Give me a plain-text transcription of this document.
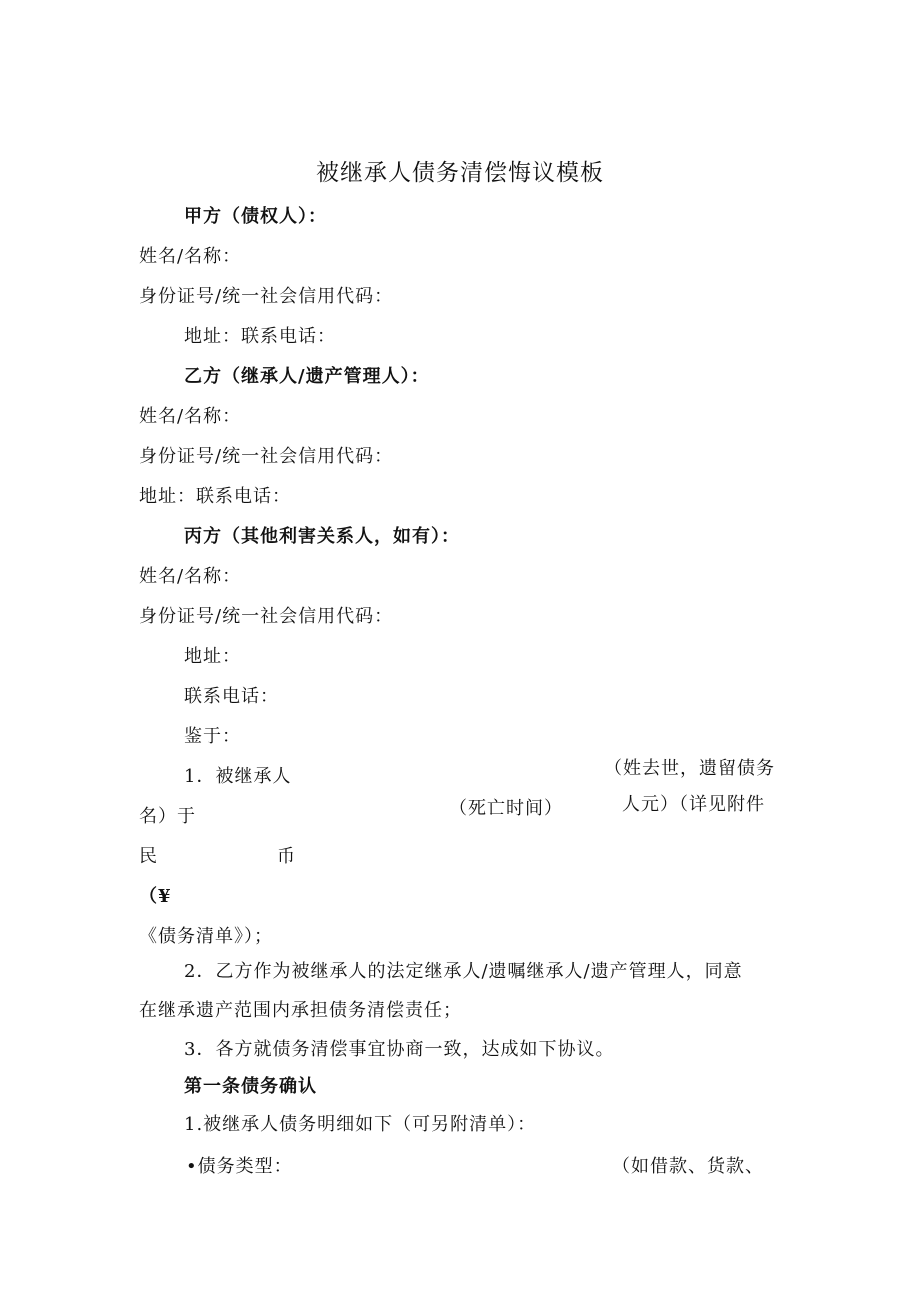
被继承人债务清偿悔议模板

甲方（债权人）：

姓名/名称：

身份证号/统一社会信用代码：

地址：联系电话：

乙方（继承人/遗产管理人）：

姓名/名称：

身份证号/统一社会信用代码：

地址：联系电话：

丙方（其他利害关系人，如有）：

姓名/名称：

身份证号/统一社会信用代码：

地址：

联系电话：

鉴于：

1．被继承人	（姓去世，遗留债务

名）于	（死亡时间）	人元）（详见附件

民	币

（¥

《债务清单》）；

2．乙方作为被继承人的法定继承人/遗嘱继承人/遗产管理人，同意

在继承遗产范围内承担债务清偿责任；

3．各方就债务清偿事宜协商一致，达成如下协议。

第一条债务确认

1.被继承人债务明细如下（可另附清单）：

•债务类型：	（如借款、货款、
